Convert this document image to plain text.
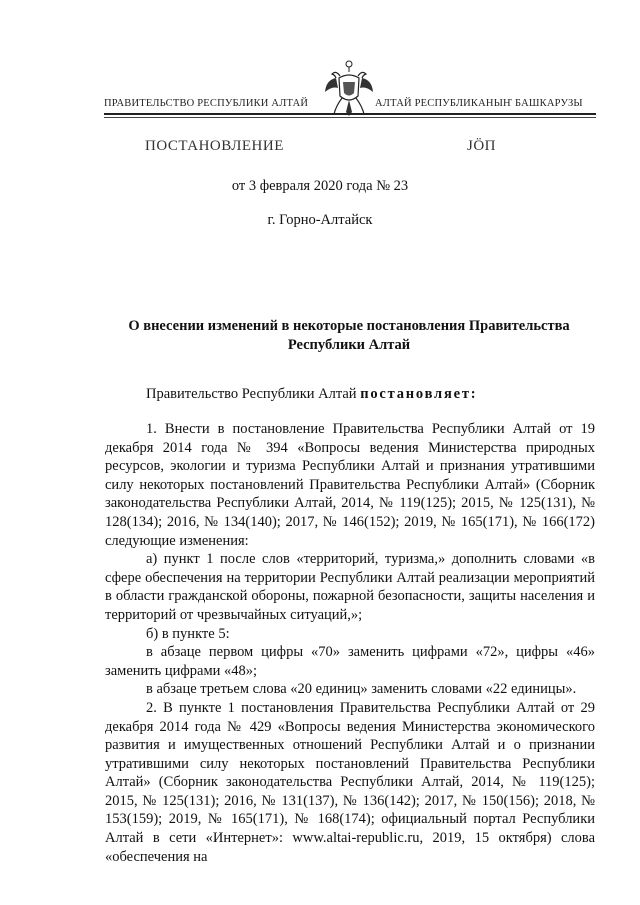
ПРАВИТЕЛЬСТВО РЕСПУБЛИКИ АЛТАЙ	АЛТАЙ РЕСПУБЛИКАНЫҤ БАШКАРУЗЫ
ПОСТАНОВЛЕНИЕ	ЈӦП
от 3 февраля 2020 года № 23
г. Горно-Алтайск
О внесении изменений в некоторые постановления Правительства Республики Алтай
Правительство Республики Алтай постановляет:

1. Внести в постановление Правительства Республики Алтай от 19 декабря 2014 года № 394 «Вопросы ведения Министерства природных ресурсов, экологии и туризма Республики Алтай и признания утратившими силу некоторых постановлений Правительства Республики Алтай» (Сборник законодательства Республики Алтай, 2014, № 119(125); 2015, № 125(131), № 128(134); 2016, № 134(140); 2017, № 146(152); 2019, № 165(171), № 166(172) следующие изменения:

а) пункт 1 после слов «территорий, туризма,» дополнить словами «в сфере обеспечения на территории Республики Алтай реализации мероприятий в области гражданской обороны, пожарной безопасности, защиты населения и территорий от чрезвычайных ситуаций,»;

б) в пункте 5:

в абзаце первом цифры «70» заменить цифрами «72», цифры «46» заменить цифрами «48»;

в абзаце третьем слова «20 единиц» заменить словами «22 единицы».

2. В пункте 1 постановления Правительства Республики Алтай от 29 декабря 2014 года № 429 «Вопросы ведения Министерства экономического развития и имущественных отношений Республики Алтай и о признании утратившими силу некоторых постановлений Правительства Республики Алтай» (Сборник законодательства Республики Алтай, 2014, № 119(125); 2015, № 125(131); 2016, № 131(137), № 136(142); 2017, № 150(156); 2018, № 153(159); 2019, № 165(171), № 168(174); официальный портал Республики Алтай в сети «Интернет»: www.altai-republic.ru, 2019, 15 октября) слова «обеспечения на
